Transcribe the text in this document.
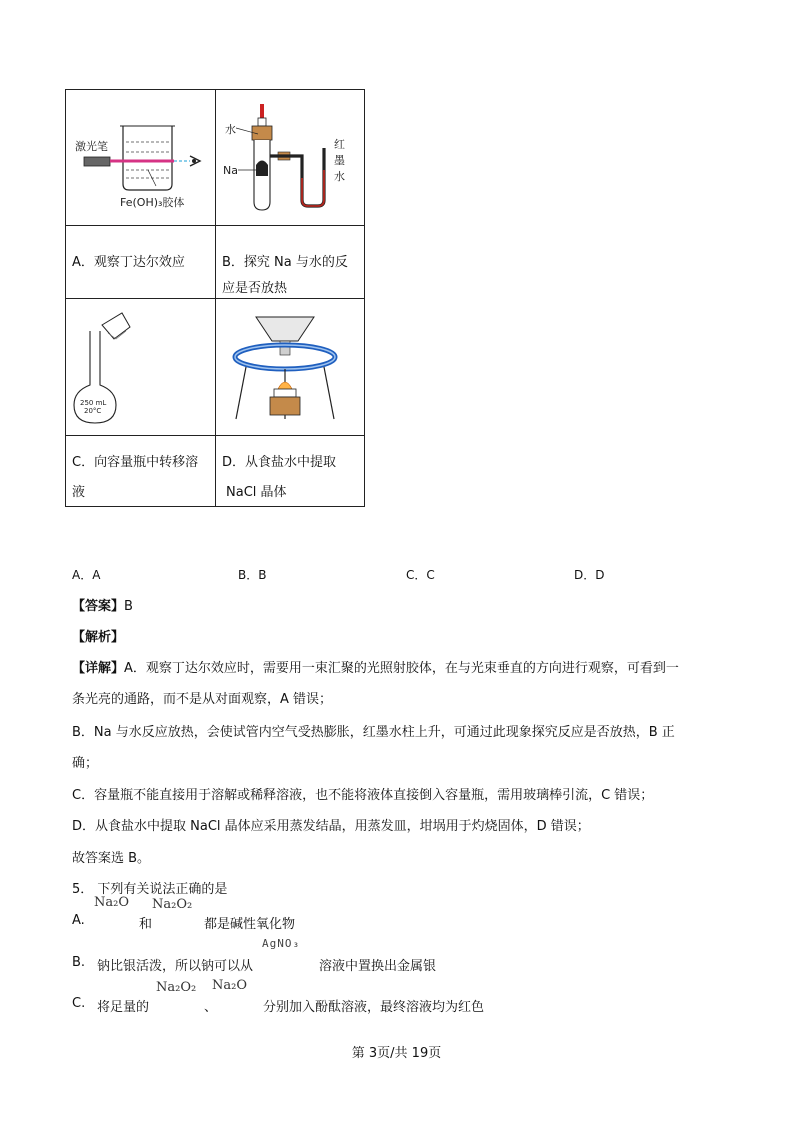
激光笔
Fe(OH)₃胶体
水
Na
红
墨
水
A．观察丁达尔效应	B．探究 Na 与水的反
应是否放热
250 mL
20°C
C．向容量瓶中转移溶
液
D．从食盐水中提取
NaCl 晶体
A．A	B．B	C．C	D．D
【答案】B
【解析】
【详解】A．观察丁达尔效应时，需要用一束汇聚的光照射胶体，在与光束垂直的方向进行观察，可看到一
条光亮的通路，而不是从对面观察，A 错误；
B．Na 与水反应放热，会使试管内空气受热膨胀，红墨水柱上升，可通过此现象探究反应是否放热，B 正
确；
C．容量瓶不能直接用于溶解或稀释溶液，也不能将液体直接倒入容量瓶，需用玻璃棒引流，C 错误；
D．从食盐水中提取 NaCl 晶体应采用蒸发结晶，用蒸发皿，坩埚用于灼烧固体，D 错误；
故答案选 B。
5． 下列有关说法正确的是
Na₂O Na₂O₂
A.	和	都是碱性氧化物
AgNO₃
B. 钠比银活泼，所以钠可以从	溶液中置换出金属银
Na₂O₂ Na₂O
C. 将足量的	、	分别加入酚酞溶液，最终溶液均为红色
第 3页/共 19页
